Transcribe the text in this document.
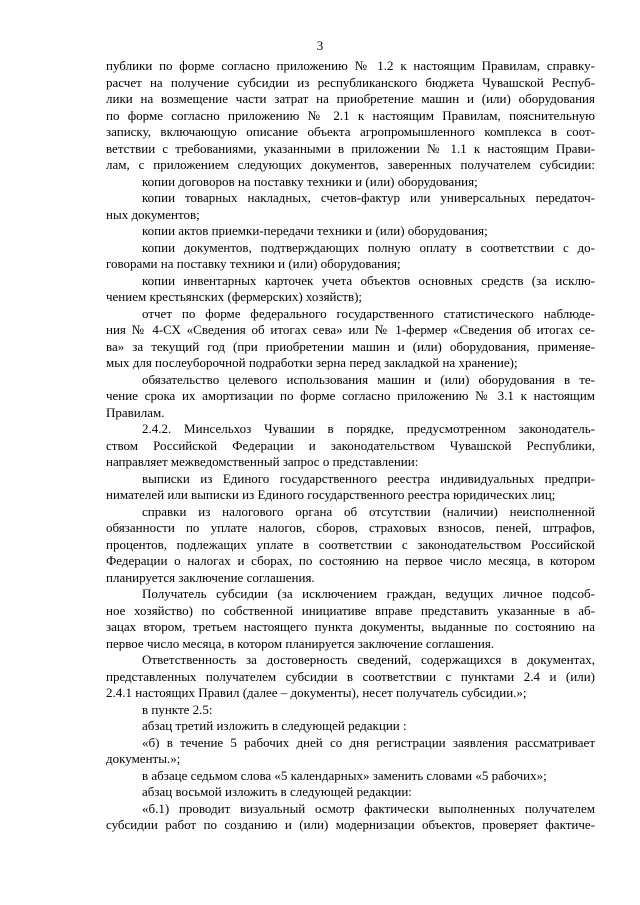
3
публики по форме согласно приложению № 1.2 к настоящим Правилам, справку-
расчет на получение субсидии из республиканского бюджета Чувашской Респуб-
лики на возмещение части затрат на приобретение машин и (или) оборудования
по форме согласно приложению № 2.1 к настоящим Правилам, пояснительную
записку, включающую описание объекта агропромышленного комплекса в соот-
ветствии с требованиями, указанными в приложении № 1.1 к настоящим Прави-
лам, с приложением следующих документов, заверенных получателем субсидии:
копии договоров на поставку техники и (или) оборудования;
копии товарных накладных, счетов-фактур или универсальных передаточ-
ных документов;
копии актов приемки-передачи техники и (или) оборудования;
копии документов, подтверждающих полную оплату в соответствии с до-
говорами на поставку техники и (или) оборудования;
копии инвентарных карточек учета объектов основных средств (за исклю-
чением крестьянских (фермерских) хозяйств);
отчет по форме федерального государственного статистического наблюде-
ния № 4-СХ «Сведения об итогах сева» или № 1-фермер «Сведения об итогах се-
ва» за текущий год (при приобретении машин и (или) оборудования, применяе-
мых для послеуборочной подработки зерна перед закладкой на хранение);
обязательство целевого использования машин и (или) оборудования в те-
чение срока их амортизации по форме согласно приложению № 3.1 к настоящим
Правилам.
2.4.2. Минсельхоз Чувашии в порядке, предусмотренном законодатель-
ством Российской Федерации и законодательством Чувашской Республики,
направляет межведомственный запрос о представлении:
выписки из Единого государственного реестра индивидуальных предпри-
нимателей или выписки из Единого государственного реестра юридических лиц;
справки из налогового органа об отсутствии (наличии) неисполненной
обязанности по уплате налогов, сборов, страховых взносов, пеней, штрафов,
процентов, подлежащих уплате в соответствии с законодательством Российской
Федерации о налогах и сборах, по состоянию на первое число месяца, в котором
планируется заключение соглашения.
Получатель субсидии (за исключением граждан, ведущих личное подсоб-
ное хозяйство) по собственной инициативе вправе представить указанные в аб-
зацах втором, третьем настоящего пункта документы, выданные по состоянию на
первое число месяца, в котором планируется заключение соглашения.
Ответственность за достоверность сведений, содержащихся в документах,
представленных получателем субсидии в соответствии с пунктами 2.4 и (или)
2.4.1 настоящих Правил (далее – документы), несет получатель субсидии.»;
в пункте 2.5:
абзац третий изложить в следующей редакции :
«б) в течение 5 рабочих дней со дня регистрации заявления рассматривает
документы.»;
в абзаце седьмом слова «5 календарных» заменить словами «5 рабочих»;
абзац восьмой изложить в следующей редакции:
«б.1) проводит визуальный осмотр фактически выполненных получателем
субсидии работ по созданию и (или) модернизации объектов, проверяет фактиче-
